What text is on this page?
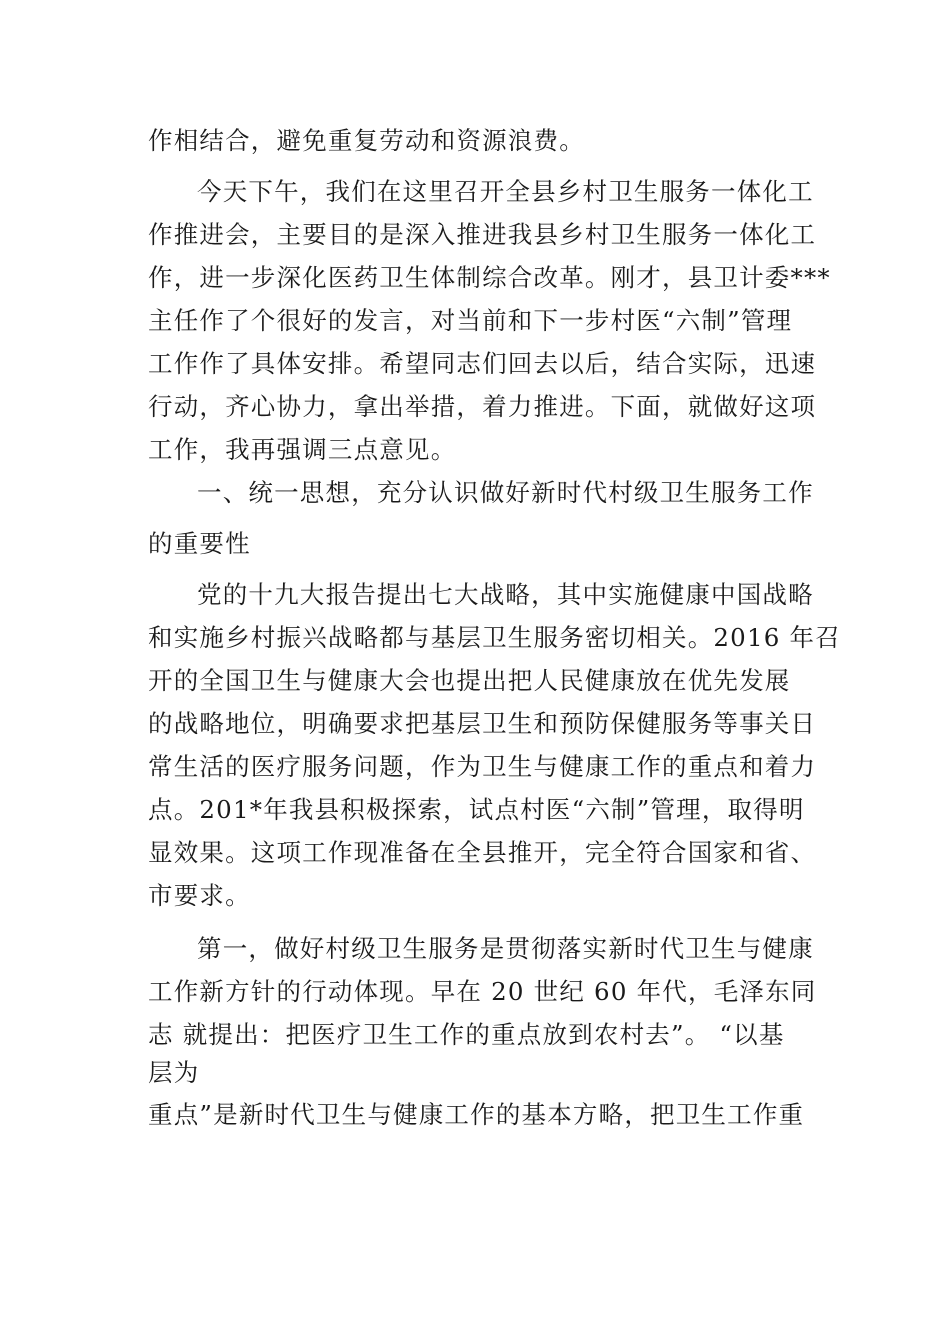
作相结合，避免重复劳动和资源浪费。
今天下午，我们在这里召开全县乡村卫生服务一体化工
作推进会，主要目的是深入推进我县乡村卫生服务一体化工
作，进一步深化医药卫生体制综合改革。刚才，县卫计委***
主任作了个很好的发言，对当前和下一步村医“六制”管理
工作作了具体安排。希望同志们回去以后，结合实际，迅速
行动，齐心协力，拿出举措，着力推进。下面，就做好这项
工作，我再强调三点意见。
一、统一思想，充分认识做好新时代村级卫生服务工作
的重要性
党的十九大报告提出七大战略，其中实施健康中国战略
和实施乡村振兴战略都与基层卫生服务密切相关。2016 年召
开的全国卫生与健康大会也提出把人民健康放在优先发展
的战略地位，明确要求把基层卫生和预防保健服务等事关日
常生活的医疗服务问题，作为卫生与健康工作的重点和着力
点。201*年我县积极探索，试点村医“六制”管理，取得明
显效果。这项工作现准备在全县推开，完全符合国家和省、
市要求。
第一，做好村级卫生服务是贯彻落实新时代卫生与健康
工作新方针的行动体现。早在 20 世纪 60 年代，毛泽东同
志 就提出：把医疗卫生工作的重点放到农村去”。 “以基
层为
重点”是新时代卫生与健康工作的基本方略，把卫生工作重
